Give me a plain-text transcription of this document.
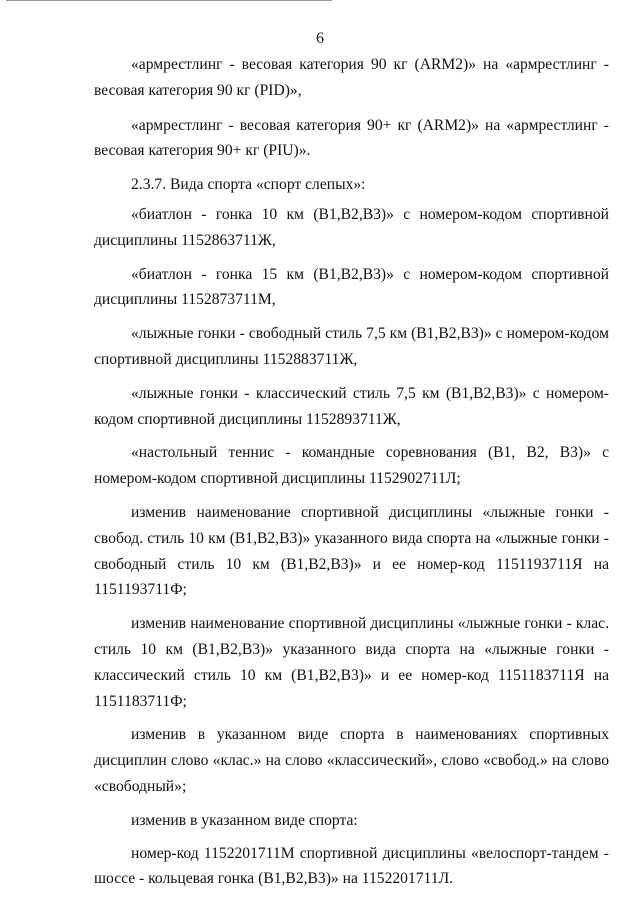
6

«армрестлинг - весовая категория 90 кг (ARM2)» на «армрестлинг - весовая категория 90 кг (PID)»,

«армрестлинг - весовая категория 90+ кг (ARM2)» на «армрестлинг - весовая категория 90+ кг (PIU)».

2.3.7. Вида спорта «спорт слепых»:

«биатлон - гонка 10 км (B1,B2,B3)» с номером-кодом спортивной дисциплины 1152863711Ж,

«биатлон - гонка 15 км (B1,B2,B3)» с номером-кодом спортивной дисциплины 1152873711М,

«лыжные гонки - свободный стиль 7,5 км (B1,B2,B3)» с номером-кодом спортивной дисциплины 1152883711Ж,

«лыжные гонки - классический стиль 7,5 км (B1,B2,B3)» с номером-кодом спортивной дисциплины 1152893711Ж,

«настольный теннис - командные соревнования (B1, B2, B3)» с номером-кодом спортивной дисциплины 1152902711Л;

изменив наименование спортивной дисциплины «лыжные гонки - свобод. стиль 10 км (B1,B2,B3)» указанного вида спорта на «лыжные гонки - свободный стиль 10 км (B1,B2,B3)» и ее номер-код 1151193711Я на 1151193711Ф;

изменив наименование спортивной дисциплины «лыжные гонки - клас. стиль 10 км (B1,B2,B3)» указанного вида спорта на «лыжные гонки - классический стиль 10 км (B1,B2,B3)» и ее номер-код 1151183711Я на 1151183711Ф;

изменив в указанном виде спорта в наименованиях спортивных дисциплин слово «клас.» на слово «классический», слово «свобод.» на слово «свободный»;

изменив в указанном виде спорта:

номер-код 1152201711М спортивной дисциплины «велоспорт-тандем - шоссе - кольцевая гонка (B1,B2,B3)» на 1152201711Л.
